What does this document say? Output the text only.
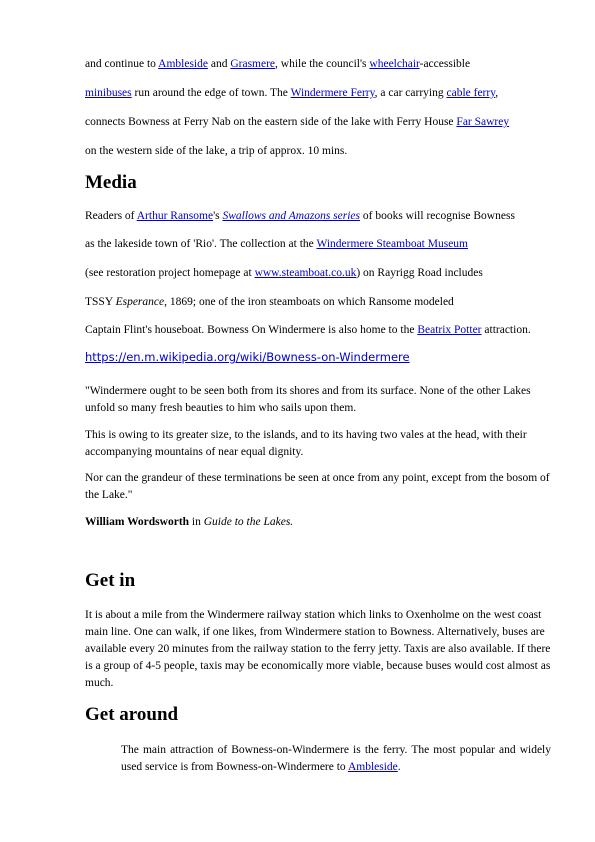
and continue to Ambleside and Grasmere, while the council's wheelchair-accessible
minibuses run around the edge of town. The Windermere Ferry, a car carrying cable ferry,
connects Bowness at Ferry Nab on the eastern side of the lake with Ferry House Far Sawrey
on the western side of the lake, a trip of approx. 10 mins.
Media
Readers of Arthur Ransome's Swallows and Amazons series of books will recognise Bowness
as the lakeside town of 'Rio'. The collection at the Windermere Steamboat Museum
(see restoration project homepage at www.steamboat.co.uk) on Rayrigg Road includes
TSSY Esperance, 1869; one of the iron steamboats on which Ransome modeled
Captain Flint's houseboat. Bowness On Windermere is also home to the Beatrix Potter attraction.
https://en.m.wikipedia.org/wiki/Bowness-on-Windermere
"Windermere ought to be seen both from its shores and from its surface. None of the other Lakes unfold so many fresh beauties to him who sails upon them.
This is owing to its greater size, to the islands, and to its having two vales at the head, with their accompanying mountains of near equal dignity.
Nor can the grandeur of these terminations be seen at once from any point, except from the bosom of the Lake."
William Wordsworth in Guide to the Lakes.
Get in
It is about a mile from the Windermere railway station which links to Oxenholme on the west coast main line. One can walk, if one likes, from Windermere station to Bowness. Alternatively, buses are available every 20 minutes from the railway station to the ferry jetty. Taxis are also available. If there is a group of 4-5 people, taxis may be economically more viable, because buses would cost almost as much.
Get around
The main attraction of Bowness-on-Windermere is the ferry. The most popular and widely used service is from Bowness-on-Windermere to Ambleside.
